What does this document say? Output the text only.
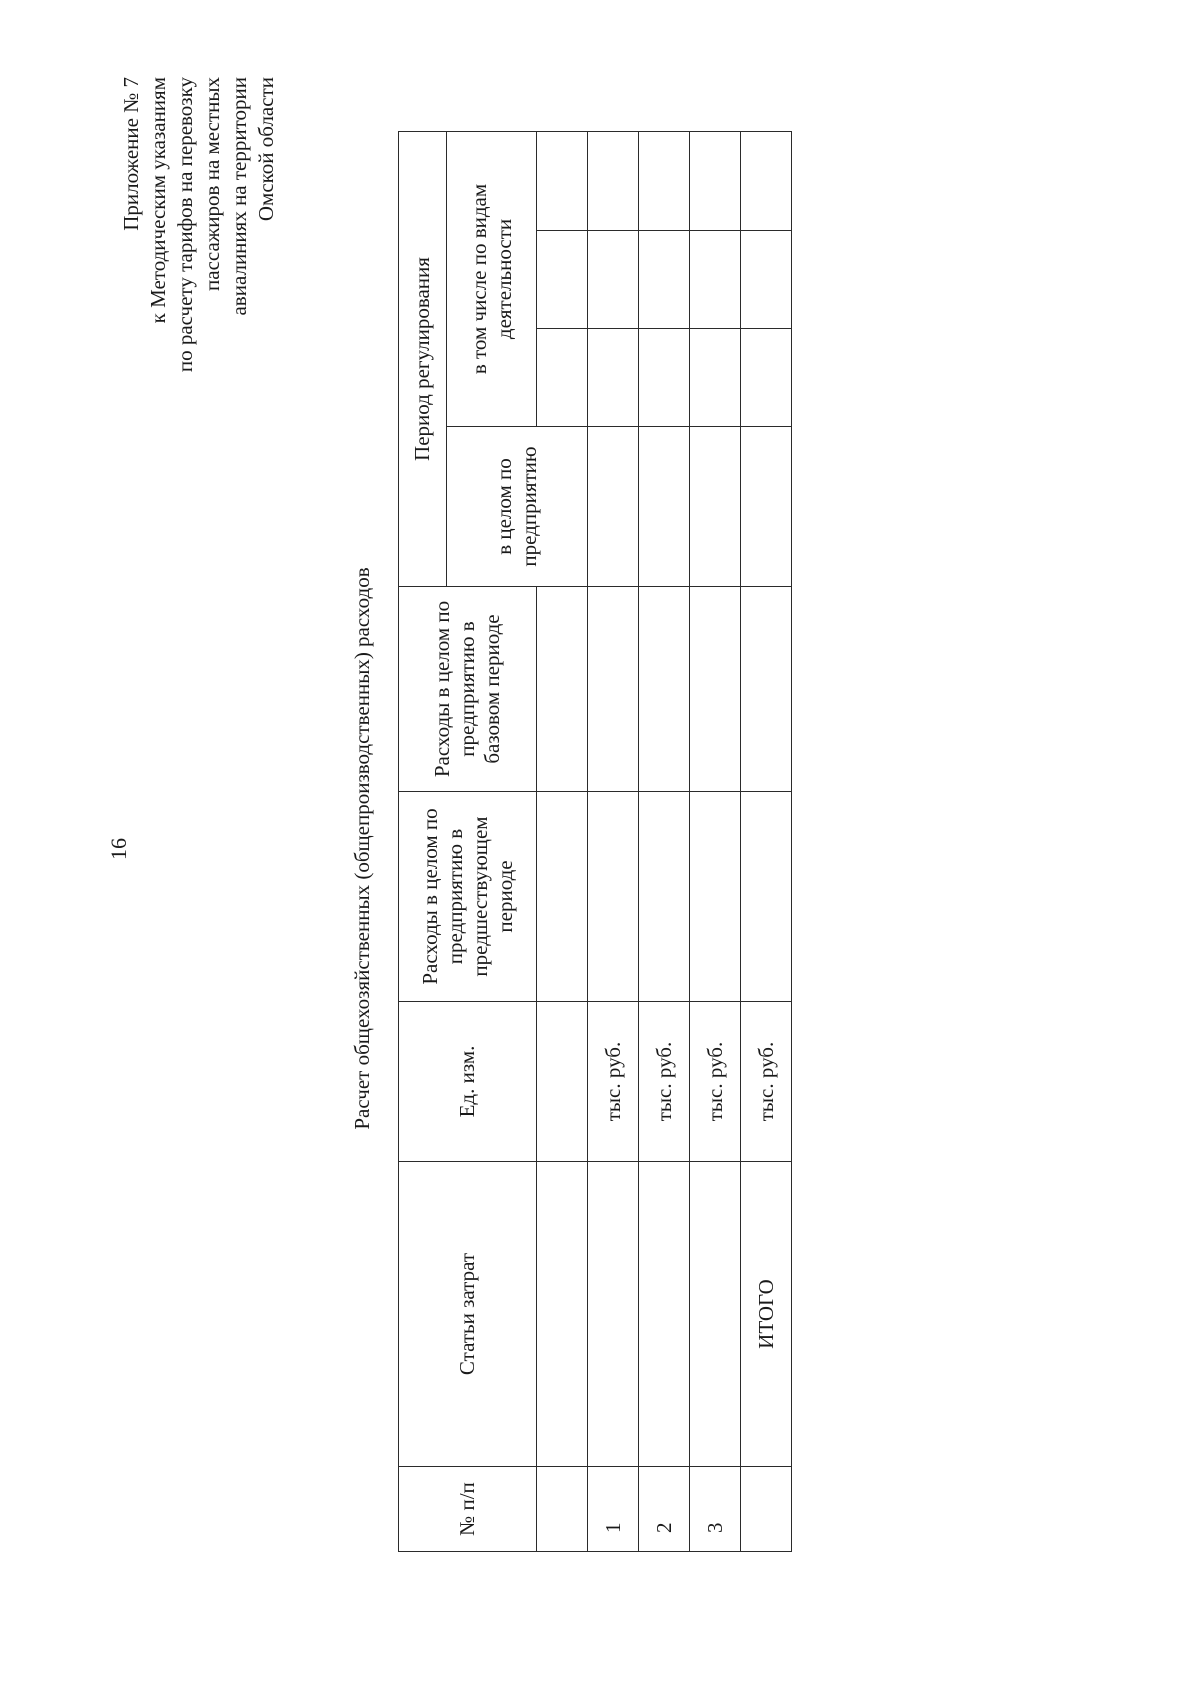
16
Приложение № 7 к Методическим указаниям по расчету тарифов на перевозку пассажиров на местных авиалиниях на территории Омской области
Расчет общехозяйственных (общепроизводственных) расходов
№ п/п	Статьи затрат	Ед. изм.	Расходы в целом по предприятию в предшествующем периоде	Расходы в целом по предприятию в базовом периоде	Период регулирования			
					в целом по предприятию	в том числе по видам деятельности		

1		тыс. руб.						
2		тыс. руб.						
3		тыс. руб.						
	ИТОГО	тыс. руб.						
